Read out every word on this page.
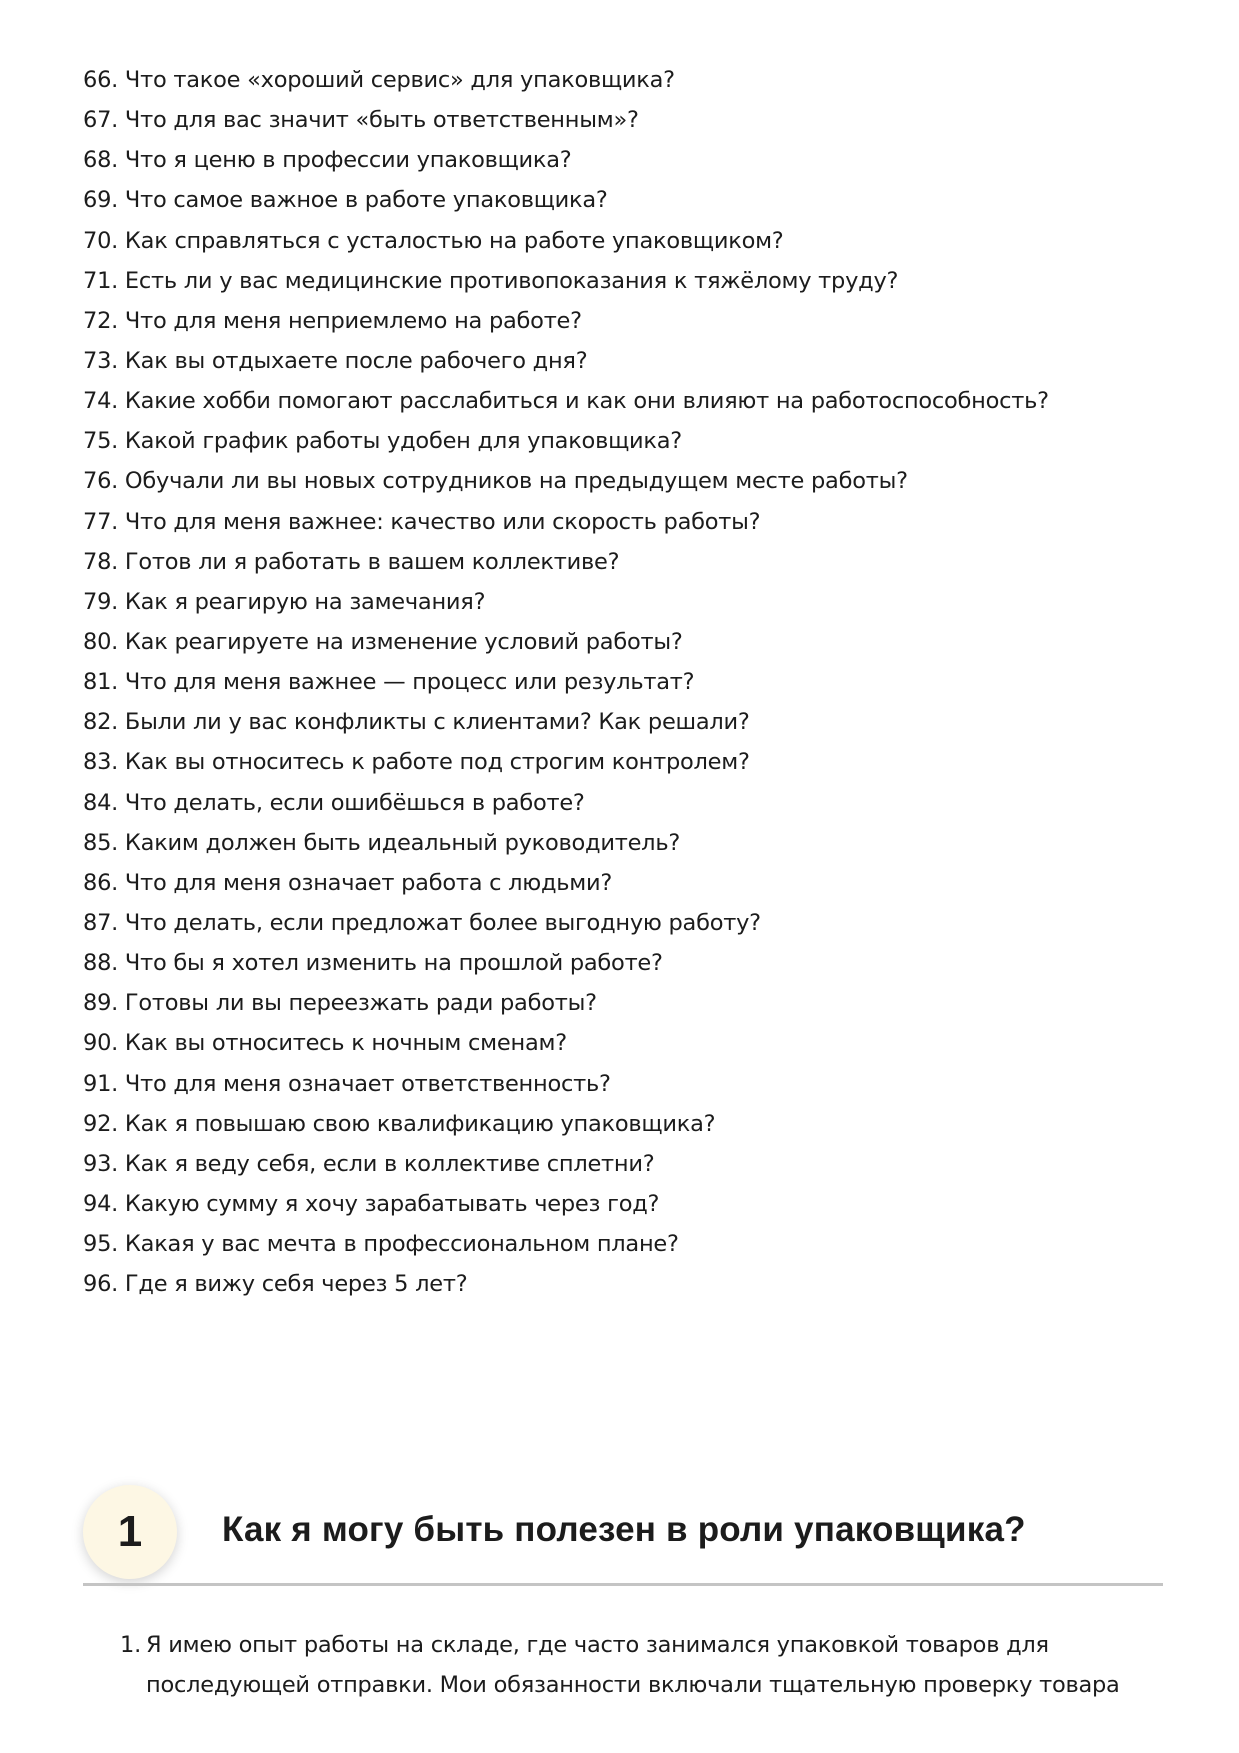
66. Что такое «хороший сервис» для упаковщика?
67. Что для вас значит «быть ответственным»?
68. Что я ценю в профессии упаковщика?
69. Что самое важное в работе упаковщика?
70. Как справляться с усталостью на работе упаковщиком?
71. Есть ли у вас медицинские противопоказания к тяжёлому труду?
72. Что для меня неприемлемо на работе?
73. Как вы отдыхаете после рабочего дня?
74. Какие хобби помогают расслабиться и как они влияют на работоспособность?
75. Какой график работы удобен для упаковщика?
76. Обучали ли вы новых сотрудников на предыдущем месте работы?
77. Что для меня важнее: качество или скорость работы?
78. Готов ли я работать в вашем коллективе?
79. Как я реагирую на замечания?
80. Как реагируете на изменение условий работы?
81. Что для меня важнее — процесс или результат?
82. Были ли у вас конфликты с клиентами? Как решали?
83. Как вы относитесь к работе под строгим контролем?
84. Что делать, если ошибёшься в работе?
85. Каким должен быть идеальный руководитель?
86. Что для меня означает работа с людьми?
87. Что делать, если предложат более выгодную работу?
88. Что бы я хотел изменить на прошлой работе?
89. Готовы ли вы переезжать ради работы?
90. Как вы относитесь к ночным сменам?
91. Что для меня означает ответственность?
92. Как я повышаю свою квалификацию упаковщика?
93. Как я веду себя, если в коллективе сплетни?
94. Какую сумму я хочу зарабатывать через год?
95. Какая у вас мечта в профессиональном плане?
96. Где я вижу себя через 5 лет?
1	Как я могу быть полезен в роли упаковщика?
1. Я имею опыт работы на складе, где часто занимался упаковкой товаров для последующей отправки. Мои обязанности включали тщательную проверку товара
